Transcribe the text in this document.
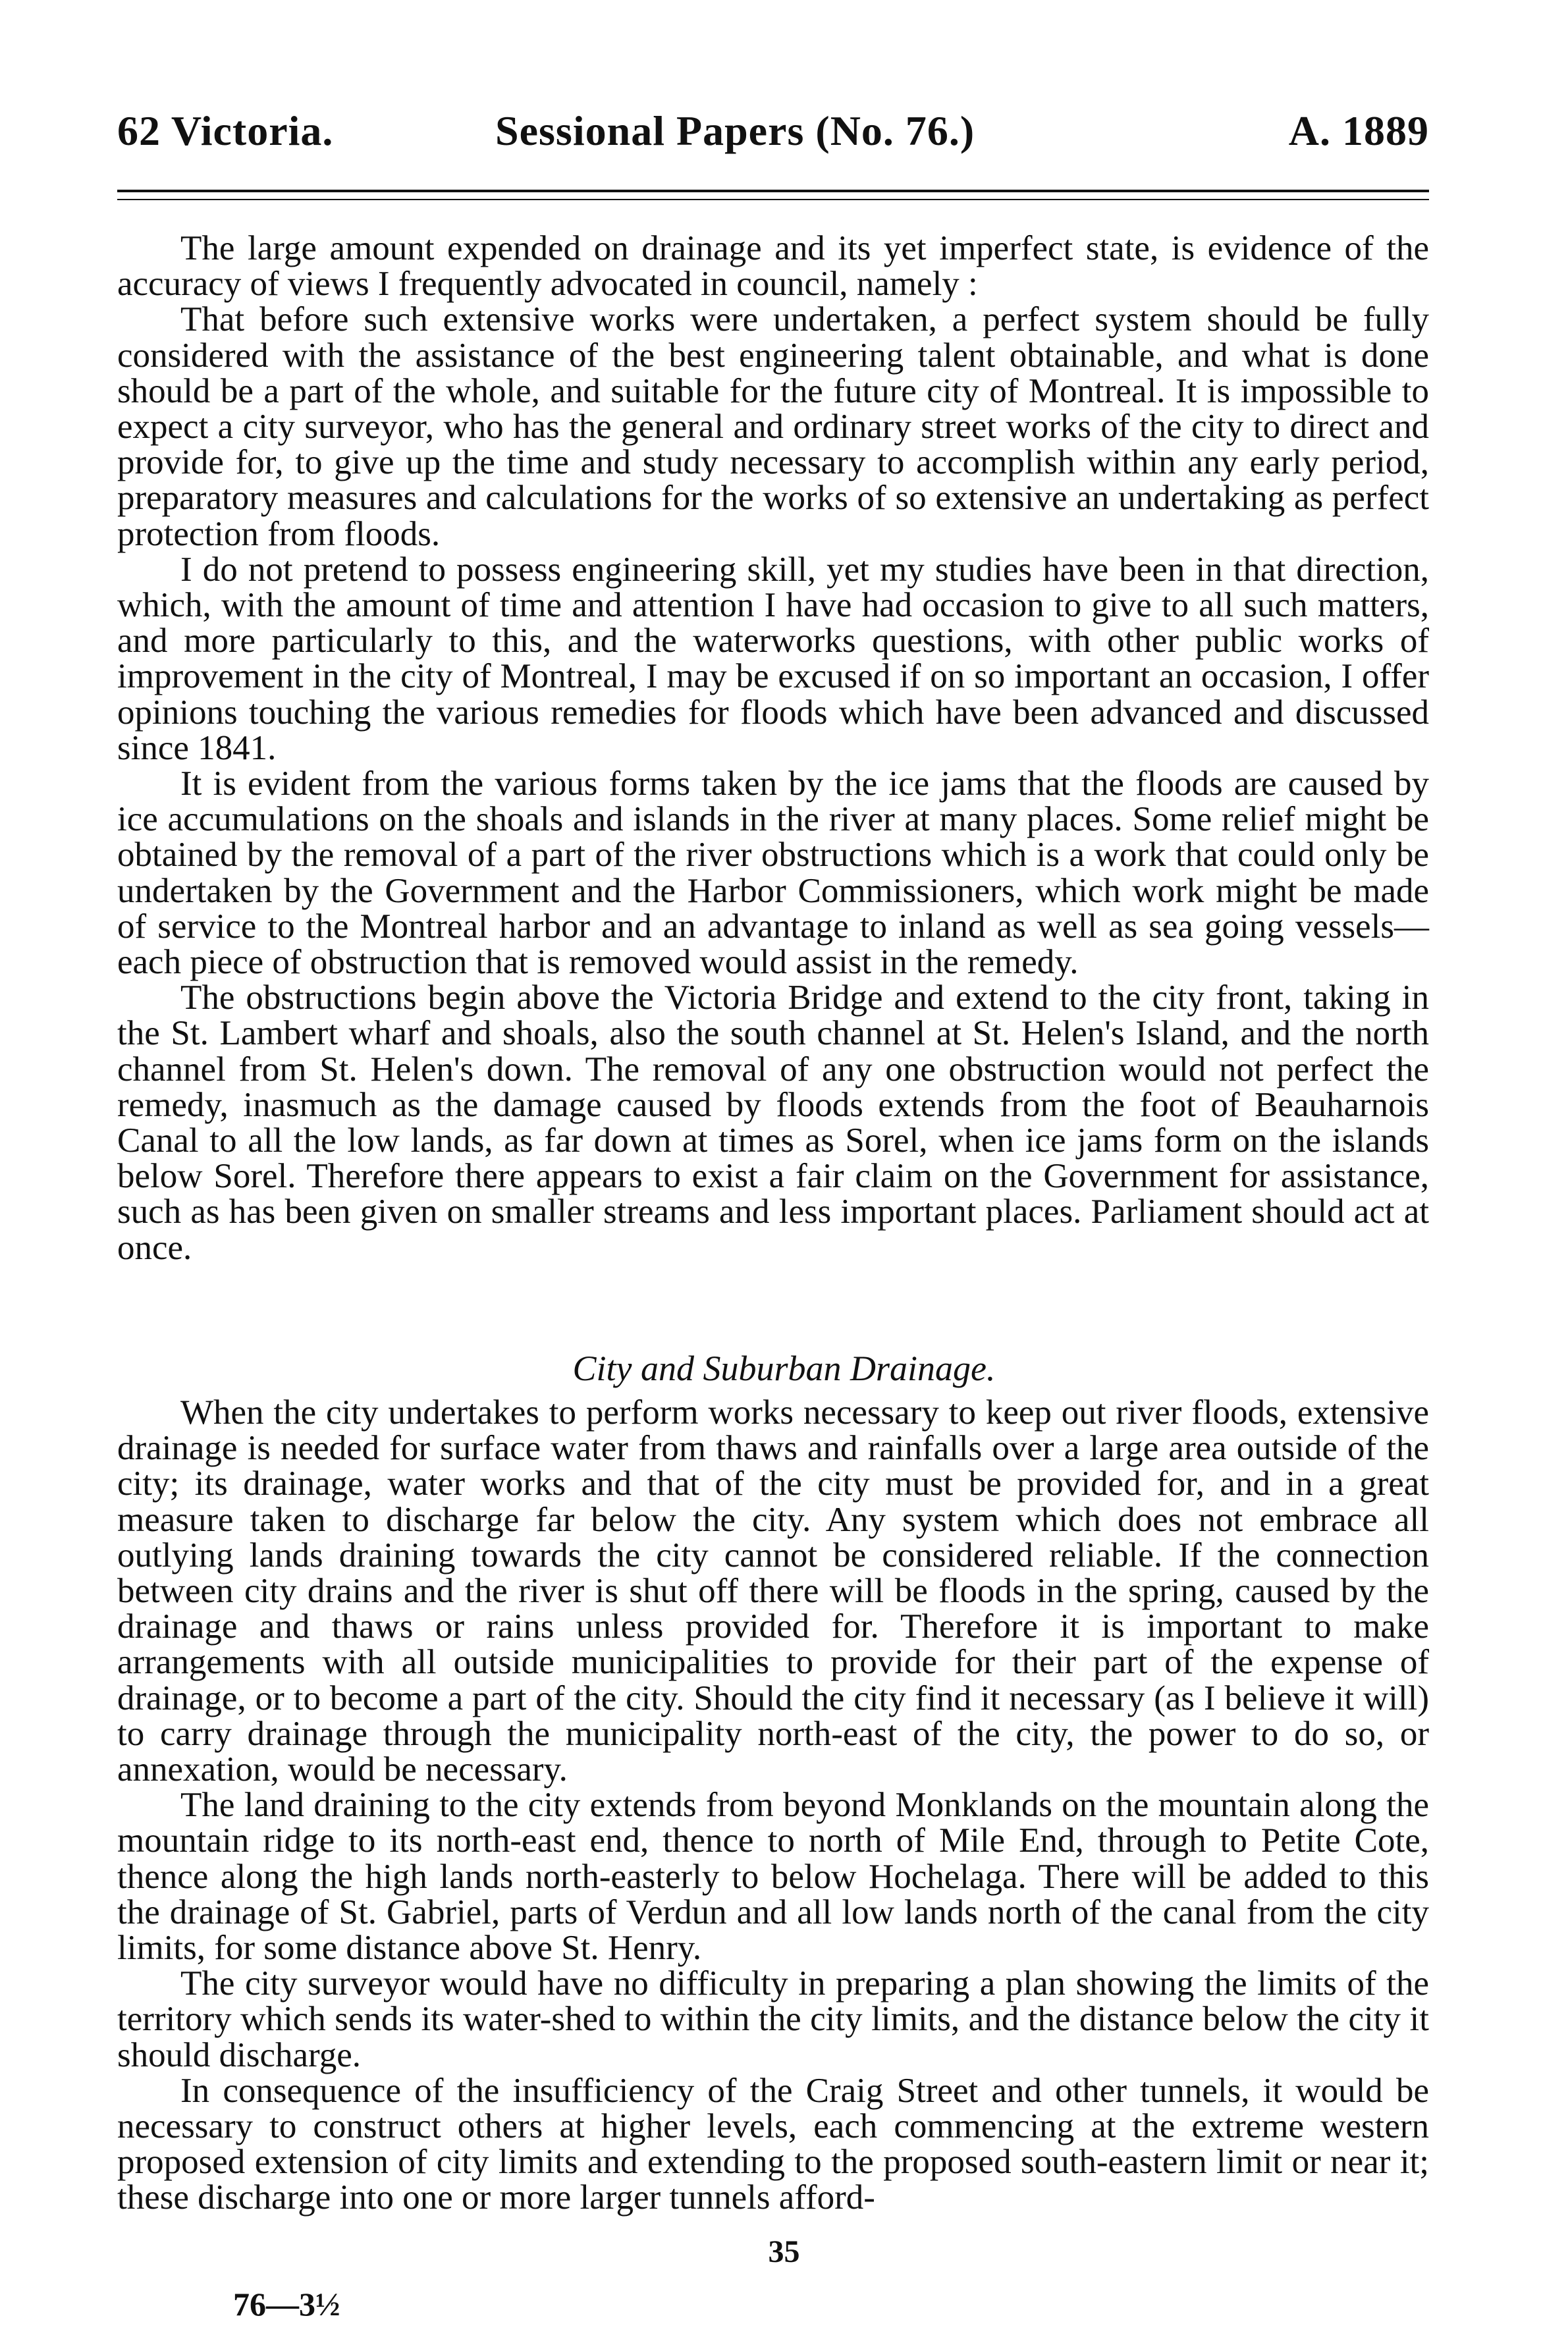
62 Victoria.	Sessional Papers (No. 76.)	A. 1889

The large amount expended on drainage and its yet imperfect state, is evidence of the accuracy of views I frequently advocated in council, namely :

That before such extensive works were undertaken, a perfect system should be fully considered with the assistance of the best engineering talent obtainable, and what is done should be a part of the whole, and suitable for the future city of Montreal. It is impossible to expect a city surveyor, who has the general and ordinary street works of the city to direct and provide for, to give up the time and study necessary to accomplish within any early period, preparatory measures and calculations for the works of so extensive an undertaking as perfect protection from floods.

I do not pretend to possess engineering skill, yet my studies have been in that direction, which, with the amount of time and attention I have had occasion to give to all such matters, and more particularly to this, and the waterworks questions, with other public works of improvement in the city of Montreal, I may be excused if on so important an occasion, I offer opinions touching the various remedies for floods which have been advanced and discussed since 1841.

It is evident from the various forms taken by the ice jams that the floods are caused by ice accumulations on the shoals and islands in the river at many places. Some relief might be obtained by the removal of a part of the river obstructions which is a work that could only be undertaken by the Government and the Harbor Commissioners, which work might be made of service to the Montreal harbor and an advantage to inland as well as sea going vessels—each piece of obstruction that is removed would assist in the remedy.

The obstructions begin above the Victoria Bridge and extend to the city front, taking in the St. Lambert wharf and shoals, also the south channel at St. Helen's Island, and the north channel from St. Helen's down. The removal of any one obstruction would not perfect the remedy, inasmuch as the damage caused by floods extends from the foot of Beauharnois Canal to all the low lands, as far down at times as Sorel, when ice jams form on the islands below Sorel. Therefore there appears to exist a fair claim on the Government for assistance, such as has been given on smaller streams and less important places. Parliament should act at once.

City and Suburban Drainage.

When the city undertakes to perform works necessary to keep out river floods, extensive drainage is needed for surface water from thaws and rainfalls over a large area outside of the city; its drainage, water works and that of the city must be provided for, and in a great measure taken to discharge far below the city. Any system which does not embrace all outlying lands draining towards the city cannot be considered reliable. If the connection between city drains and the river is shut off there will be floods in the spring, caused by the drainage and thaws or rains unless provided for. Therefore it is important to make arrangements with all outside municipalities to provide for their part of the expense of drainage, or to become a part of the city. Should the city find it necessary (as I believe it will) to carry drainage through the municipality north-east of the city, the power to do so, or annexation, would be necessary.

The land draining to the city extends from beyond Monklands on the mountain along the mountain ridge to its north-east end, thence to north of Mile End, through to Petite Cote, thence along the high lands north-easterly to below Hochelaga. There will be added to this the drainage of St. Gabriel, parts of Verdun and all low lands north of the canal from the city limits, for some distance above St. Henry.

The city surveyor would have no difficulty in preparing a plan showing the limits of the territory which sends its water-shed to within the city limits, and the distance below the city it should discharge.

In consequence of the insufficiency of the Craig Street and other tunnels, it would be necessary to construct others at higher levels, each commencing at the extreme western proposed extension of city limits and extending to the proposed south-eastern limit or near it; these discharge into one or more larger tunnels afford-

35
76—3½
